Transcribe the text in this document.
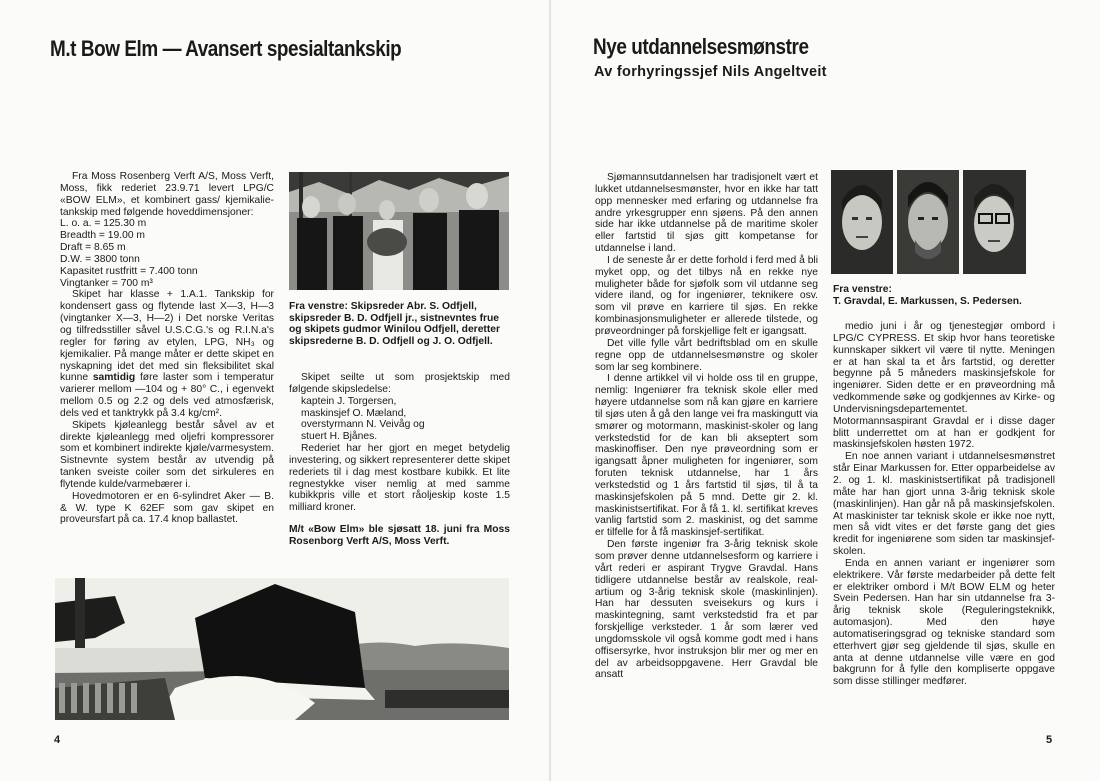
M.t Bow Elm — Avansert spesialtankskip

Fra Moss Rosenberg Verft A/S, Moss Verft, Moss, fikk rederiet 23.9.71 levert LPG/C «BOW ELM», et kombinert gass/ kjemikalie-tankskip med følgende hoveddimensjoner:

L. o. a. = 125.30 m
Breadth = 19.00 m
Draft = 8.65 m
D.W. = 3800 tonn
Kapasitet rustfritt = 7.400 tonn
Vingtanker = 700 m³

Skipet har klasse + 1.A.1. Tankskip for kondensert gass og flytende last X—3, H—3 (vingtanker X—3, H—2) i Det norske Veritas og tilfredsstiller såvel U.S.C.G.'s og R.I.N.a's regler for føring av etylen, LPG, NH₃ og kjemikalier. På mange måter er dette skipet en nyskapning idet det med sin fleksibilitet skal kunne samtidig føre laster som i temperatur varierer mellom —104 og + 80° C., i egenvekt mellom 0.5 og 2.2 og dels ved atmosfærisk, dels ved et tanktrykk på 3.4 kg/cm².

Skipets kjøleanlegg består såvel av et direkte kjøleanlegg med oljefri kompressorer som et kombinert indirekte kjøle/varmesystem. Sistnevnte system består av utvendig på tanken sveiste coiler som det sirkuleres en flytende kulde/varmebærer i.

Hovedmotoren er en 6-sylindret Aker — B. & W. type K 62EF som gav skipet en proveursfart på ca. 17.4 knop ballastet.

Fra venstre: Skipsreder Abr. S. Odfjell, skipsreder B. D. Odfjell jr., sistnevntes frue og skipets gudmor Winilou Odfjell, deretter skipsrederne B. D. Odfjell og J. O. Odfjell.

Skipet seilte ut som prosjektskip med følgende skipsledelse:

kaptein J. Torgersen,
maskinsjef O. Mæland,
overstyrmann N. Veivåg og
stuert H. Bjånes.

Rederiet har her gjort en meget betydelig investering, og sikkert representerer dette skipet rederiets til i dag mest kostbare kubikk. Et lite regnestykke viser nemlig at med samme kubikkpris ville et stort råoljeskip koste 1.5 milliard kroner.

M/t «Bow Elm» ble sjøsatt 18. juni fra Moss Rosenborg Verft A/S, Moss Verft.

4
Nye utdannelsesmønstre

Av forhyringssjef Nils Angeltveit

Sjømannsutdannelsen har tradisjonelt vært et lukket utdannelsesmønster, hvor en ikke har tatt opp mennesker med erfaring og utdannelse fra andre yrkesgrupper enn sjøens. På den annen side har ikke utdannelse på de maritime skoler eller fartstid til sjøs gitt kompetanse for utdannelse i land.

I de seneste år er dette forhold i ferd med å bli myket opp, og det tilbys nå en rekke nye muligheter både for sjøfolk som vil utdanne seg videre iland, og for ingeniører, teknikere osv. som vil prøve en karriere til sjøs. En rekke kombinasjonsmuligheter er allerede tilstede, og prøveordninger på forskjellige felt er igangsatt.

Det ville fylle vårt bedriftsblad om en skulle regne opp de utdannelsesmønstre og skoler som lar seg kombinere.

I denne artikkel vil vi holde oss til en gruppe, nemlig: Ingeniører fra teknisk skole eller med høyere utdannelse som nå kan gjøre en karriere til sjøs uten å gå den lange vei fra maskingutt via smører og motormann, maskinist-skoler og lang verkstedstid for de kan bli akseptert som maskinoffiser. Den nye prøveordning som er igangsatt åpner muligheten for ingeniører, som foruten teknisk utdannelse, har 1 års verkstedstid og 1 års fartstid til sjøs, til å ta maskinsjefskolen på 5 mnd. Dette gir 2. kl. maskinistsertifikat. For å få 1. kl. sertifikat kreves vanlig fartstid som 2. maskinist, og det samme er tilfelle for å få maskinsjef-sertifikat.

Den første ingeniør fra 3-årig teknisk skole som prøver denne utdannelsesform og karriere i vårt rederi er aspirant Trygve Gravdal. Hans tidligere utdannelse består av realskole, real-artium og 3-årig teknisk skole (maskinlinjen). Han har dessuten sveisekurs og kurs i maskintegning, samt verkstedstid fra et par forskjellige verksteder. 1 år som lærer ved ungdomsskole vil også komme godt med i hans offisersyrke, hvor instruksjon blir mer og mer en del av arbeidsoppgavene. Herr Gravdal ble ansatt

Fra venstre:
T. Gravdal, E. Markussen, S. Pedersen.

medio juni i år og tjenestegjør ombord i LPG/C CYPRESS. Et skip hvor hans teoretiske kunnskaper sikkert vil være til nytte. Meningen er at han skal ta et års fartstid, og deretter begynne på 5 måneders maskinsjefskole for ingeniører. Siden dette er en prøveordning må vedkommende søke og godkjennes av Kirke- og Undervisningsdepartementet. Motormannsaspirant Gravdal er i disse dager blitt underrettet om at han er godkjent for maskinsjefskolen høsten 1972.

En noe annen variant i utdannelsesmønstret står Einar Markussen for. Etter opparbeidelse av 2. og 1. kl. maskinistsertifikat på tradisjonell måte har han gjort unna 3-årig teknisk skole (maskinlinjen). Han går nå på maskinsjefskolen. At maskinister tar teknisk skole er ikke noe nytt, men så vidt vites er det første gang det gies kredit for ingeniørene som siden tar maskinsjef-skolen.

Enda en annen variant er ingeniører som elektrikere. Vår første medarbeider på dette felt er elektriker ombord i M/t BOW ELM og heter Svein Pedersen. Han har sin utdannelse fra 3-årig teknisk skole (Reguleringsteknikk, automasjon). Med den høye automatiseringsgrad og tekniske standard som etterhvert gjør seg gjeldende til sjøs, skulle en anta at denne utdannelse ville være en god bakgrunn for å fylle den kompliserte oppgave som disse stillinger medfører.

5
